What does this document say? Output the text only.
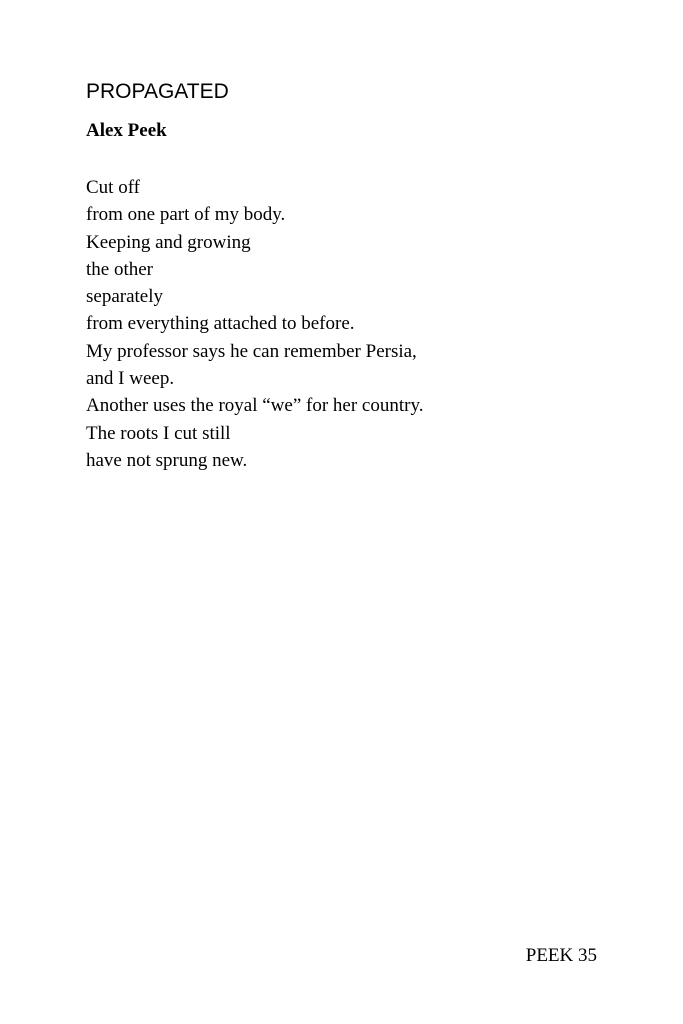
PROPAGATED

Alex Peek

Cut off
from one part of my body.
Keeping and growing
the other
separately
from everything attached to before.
My professor says he can remember Persia,
and I weep.
Another uses the royal “we” for her country.
The roots I cut still
have not sprung new.
PEEK 35
